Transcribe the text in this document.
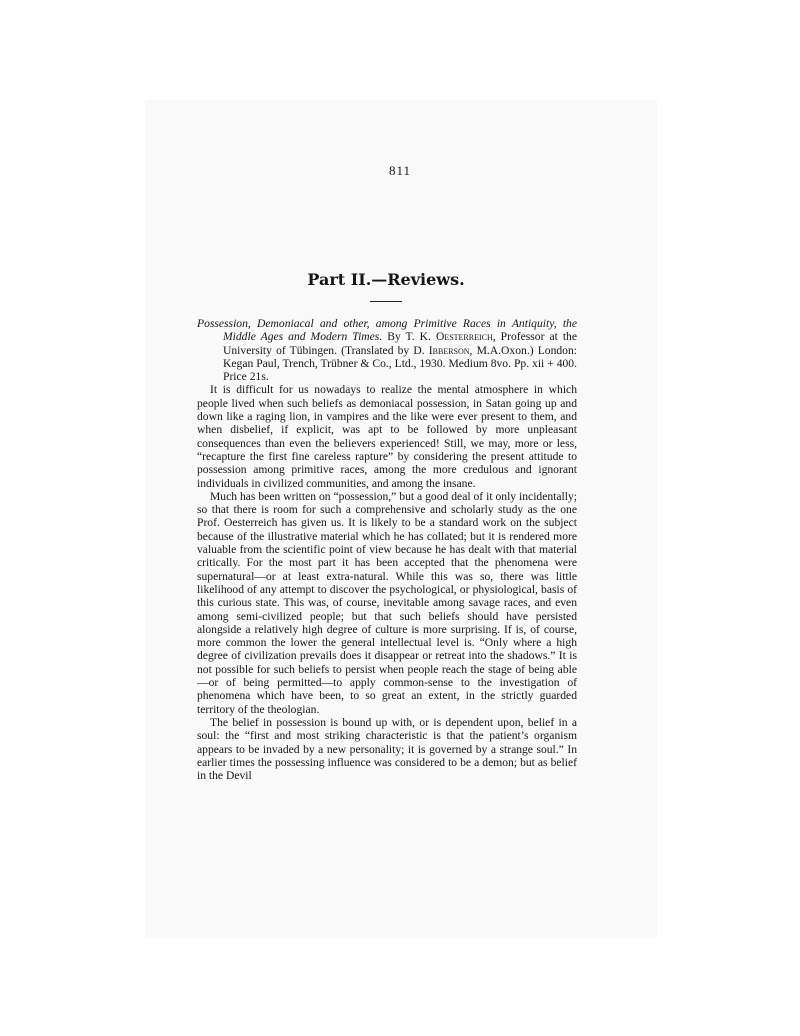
811
Part II.—Reviews.

Possession, Demoniacal and other, among Primitive Races in Antiquity, the Middle Ages and Modern Times. By T. K. Oesterreich, Professor at the University of Tübingen. (Translated by D. Ibberson, M.A.Oxon.) London: Kegan Paul, Trench, Trübner & Co., Ltd., 1930. Medium 8vo. Pp. xii + 400. Price 21s.

It is difficult for us nowadays to realize the mental atmosphere in which people lived when such beliefs as demoniacal possession, in Satan going up and down like a raging lion, in vampires and the like were ever present to them, and when disbelief, if explicit, was apt to be followed by more unpleasant consequences than even the believers experienced! Still, we may, more or less, “recapture the first fine careless rapture” by considering the present attitude to possession among primitive races, among the more credulous and ignorant individuals in civilized communities, and among the insane.

Much has been written on “possession,” but a good deal of it only incidentally; so that there is room for such a comprehensive and scholarly study as the one Prof. Oesterreich has given us. It is likely to be a standard work on the subject because of the illustrative material which he has collated; but it is rendered more valuable from the scientific point of view because he has dealt with that material critically. For the most part it has been accepted that the phenomena were supernatural—or at least extra-natural. While this was so, there was little likelihood of any attempt to discover the psychological, or physiological, basis of this curious state. This was, of course, inevitable among savage races, and even among semi-civilized people; but that such beliefs should have persisted alongside a relatively high degree of culture is more surprising. If is, of course, more common the lower the general intellectual level is. “Only where a high degree of civilization prevails does it disappear or retreat into the shadows.” It is not possible for such beliefs to persist when people reach the stage of being able—or of being permitted—to apply common-sense to the investigation of phenomena which have been, to so great an extent, in the strictly guarded territory of the theologian.

The belief in possession is bound up with, or is dependent upon, belief in a soul: the “first and most striking characteristic is that the patient’s organism appears to be invaded by a new personality; it is governed by a strange soul.” In earlier times the possessing influence was considered to be a demon; but as belief in the Devil
